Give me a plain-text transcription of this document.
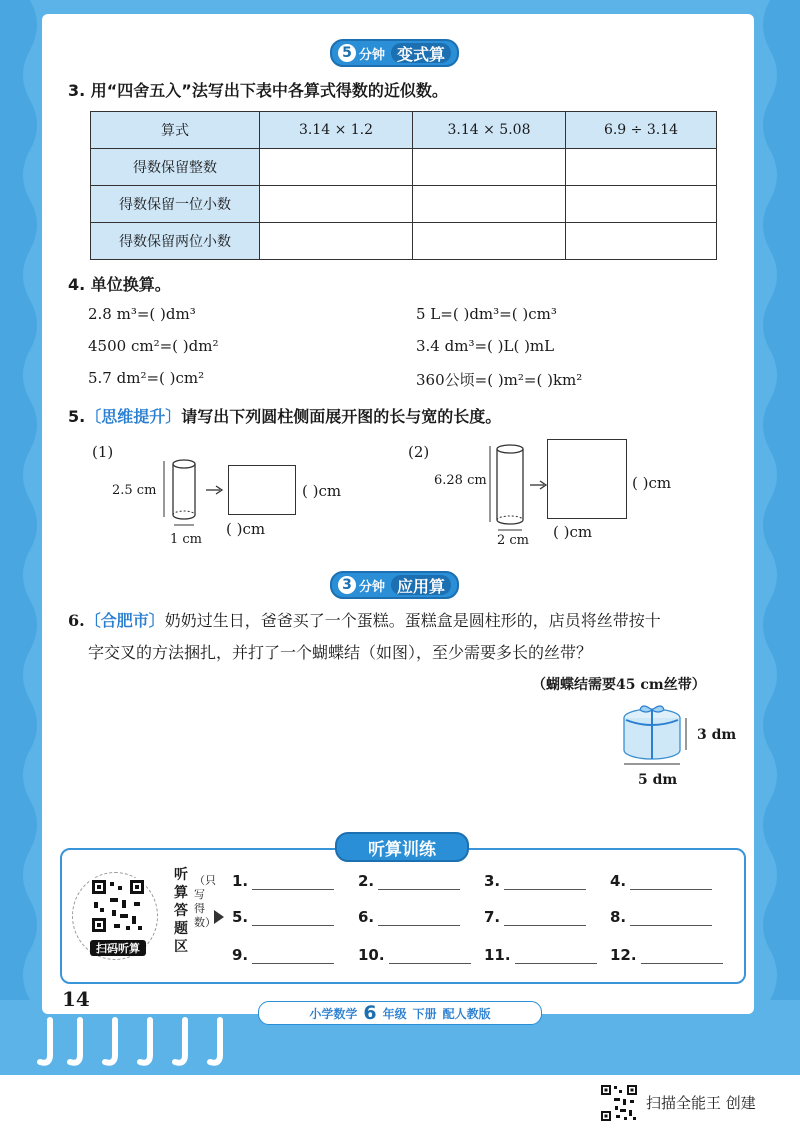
5 分钟 变式算
3. 用“四舍五入”法写出下表中各算式得数的近似数。
算式	3.14 × 1.2	3.14 × 5.08	6.9 ÷ 3.14
得数保留整数			
得数保留一位小数			
得数保留两位小数			
4. 单位换算。
2.8 m³=( )dm³	5 L=( )dm³=( )cm³
4500 cm²=( )dm²	3.4 dm³=( )L( )mL
5.7 dm²=( )cm²	360公顷=( )m²=( )km²
5.〔思维提升〕请写出下列圆柱侧面展开图的长与宽的长度。
(1)
2.5 cm
1 cm
( )cm
( )cm
(2)
6.28 cm
2 cm
( )cm
( )cm
3 分钟 应用算
6.〔合肥市〕奶奶过生日，爸爸买了一个蛋糕。蛋糕盒是圆柱形的，店员将丝带按十
字交叉的方法捆扎，并打了一个蝴蝶结（如图），至少需要多长的丝带？
（蝴蝶结需要45 cm丝带）
3 dm
5 dm
听算训练
扫码听算
听算答题区
（只写得数）
1.	2.	3.	4.
5.	6.	7.	8.
9.	10.	11.	12.
14
小学数学 6 年级 下册 配人教版
扫描全能王 创建
